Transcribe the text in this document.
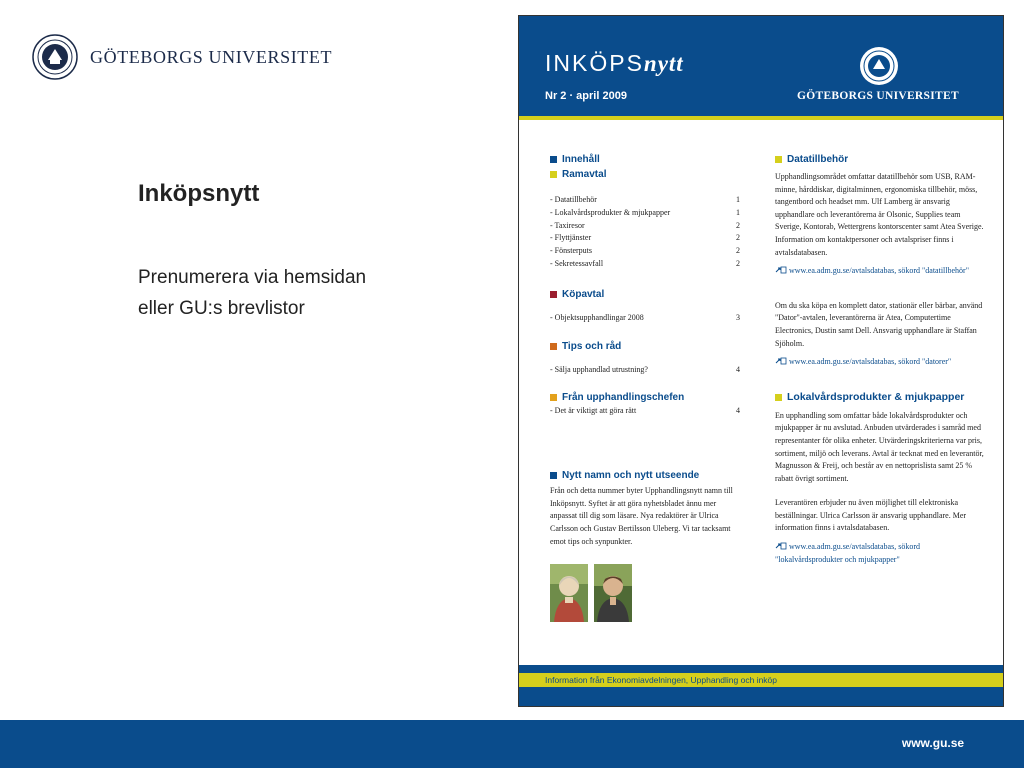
GÖTEBORGS UNIVERSITET
Inköpsnytt
Prenumerera via hemsidan
eller GU:s brevlistor
INKÖPSnytt
Nr 2 · april 2009	GÖTEBORGS UNIVERSITET
Innehåll
Ramavtal
- Datatillbehör	1
- Lokalvårdsprodukter & mjukpapper	1
- Taxiresor	2
- Flyttjänster	2
- Fönsterputs	2
- Sekretessavfall	2
Köpavtal
- Objektsupphandlingar 2008	3
Tips och råd
- Sälja upphandlad utrustning?	4
Från upphandlingschefen
- Det är viktigt att göra rätt	4
Nytt namn och nytt utseende
Från och detta nummer byter Upphandlingsnytt namn till Inköpsnytt. Syftet är att göra nyhetsbladet ännu mer anpassat till dig som läsare. Nya redaktörer är Ulrica Carlsson och Gustav Bertilsson Uleberg. Vi tar tacksamt emot tips och synpunkter.
Datatillbehör
Upphandlingsområdet omfattar datatillbehör som USB, RAM-minne, hårddiskar, digitalminnen, ergonomiska tillbehör, möss, tangentbord och headset mm. Ulf Lamberg är ansvarig upphandlare och leverantörerna är Olsonic, Supplies team Sverige, Kontorab, Wettergrens kontorscenter samt Atea Sverige. Information om kontaktpersoner och avtalspriser finns i avtalsdatabasen.
www.ea.adm.gu.se/avtalsdatabas, sökord "datatillbehör"
Om du ska köpa en komplett dator, stationär eller bärbar, använd "Dator"-avtalen, leverantörerna är Atea, Computertime Electronics, Dustin samt Dell. Ansvarig upphandlare är Staffan Sjöholm.
www.ea.adm.gu.se/avtalsdatabas, sökord "datorer"
Lokalvårdsprodukter & mjukpapper
En upphandling som omfattar både lokalvårdsprodukter och mjukpapper är nu avslutad. Anbuden utvärderades i samråd med representanter för olika enheter. Utvärderingskriterierna var pris, sortiment, miljö och leverans. Avtal är tecknat med en leverantör, Magnusson & Freij, och består av en nettoprislista samt 25 % rabatt övrigt sortiment.
Leverantören erbjuder nu även möjlighet till elektroniska beställningar. Ulrica Carlsson är ansvarig upphandlare. Mer information finns i avtalsdatabasen.
www.ea.adm.gu.se/avtalsdatabas, sökord "lokalvårdsprodukter och mjukpapper"
Information från Ekonomiavdelningen, Upphandling och inköp
www.gu.se
